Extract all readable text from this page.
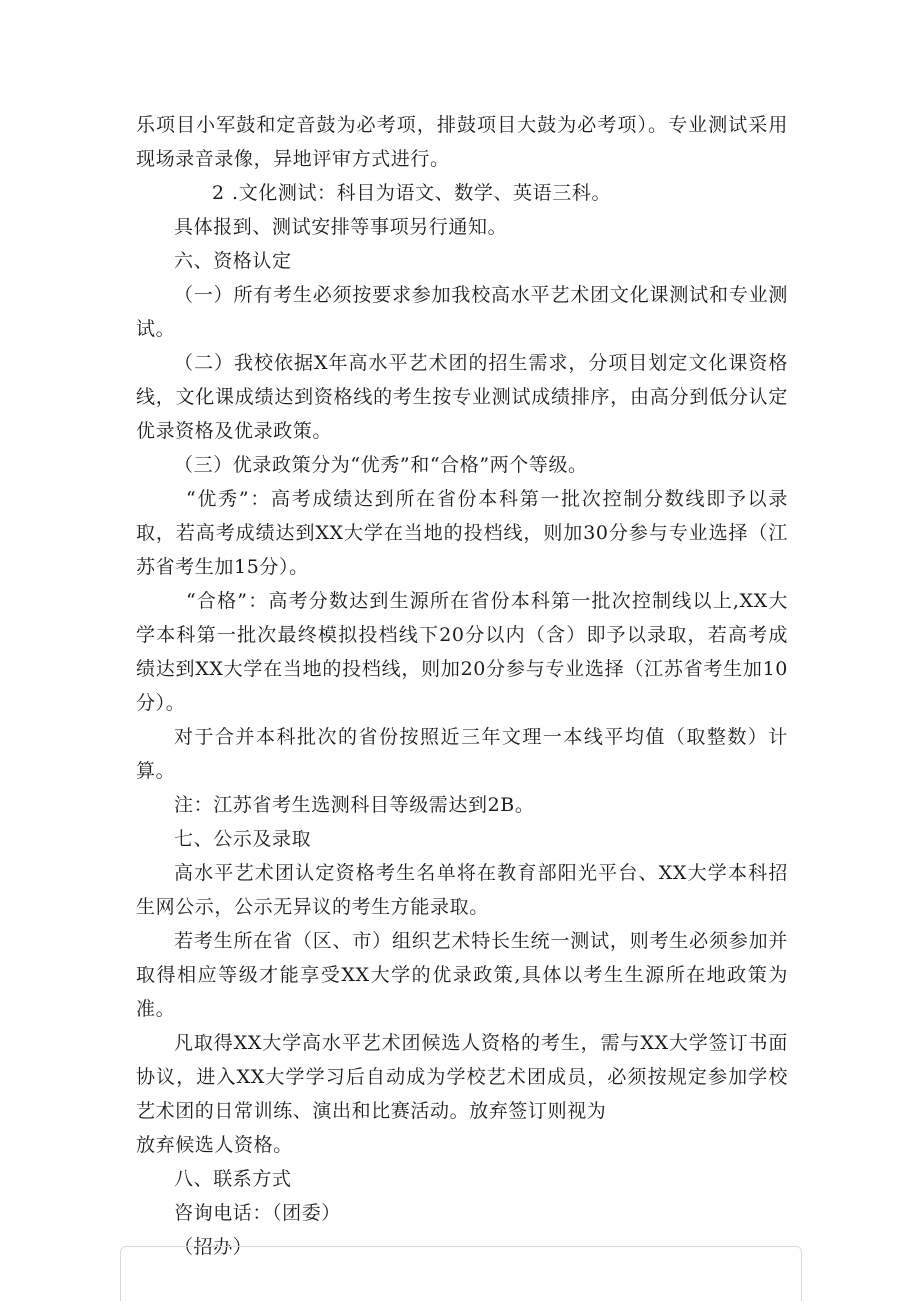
乐项目小军鼓和定音鼓为必考项，排鼓项目大鼓为必考项）。专业测试采用现场录音录像，异地评审方式进行。

2 .文化测试：科目为语文、数学、英语三科。

具体报到、测试安排等事项另行通知。

六、资格认定

（一）所有考生必须按要求参加我校高水平艺术团文化课测试和专业测试。

（二）我校依据X年高水平艺术团的招生需求，分项目划定文化课资格线，文化课成绩达到资格线的考生按专业测试成绩排序，由高分到低分认定优录资格及优录政策。

（三）优录政策分为“优秀”和“合格”两个等级。

“优秀”：高考成绩达到所在省份本科第一批次控制分数线即予以录取，若高考成绩达到XX大学在当地的投档线，则加30分参与专业选择（江苏省考生加15分）。

“合格”：高考分数达到生源所在省份本科第一批次控制线以上,XX大学本科第一批次最终模拟投档线下20分以内（含）即予以录取，若高考成绩达到XX大学在当地的投档线，则加20分参与专业选择（江苏省考生加10分）。

对于合并本科批次的省份按照近三年文理一本线平均值（取整数）计算。

注：江苏省考生选测科目等级需达到2B。

七、公示及录取

高水平艺术团认定资格考生名单将在教育部阳光平台、XX大学本科招生网公示，公示无异议的考生方能录取。

若考生所在省（区、市）组织艺术特长生统一测试，则考生必须参加并取得相应等级才能享受XX大学的优录政策,具体以考生生源所在地政策为准。

凡取得XX大学高水平艺术团候选人资格的考生，需与XX大学签订书面协议，进入XX大学学习后自动成为学校艺术团成员，必须按规定参加学校艺术团的日常训练、演出和比赛活动。放弃签订则视为

放弃候选人资格。

八、联系方式

咨询电话：（团委）

（招办）
